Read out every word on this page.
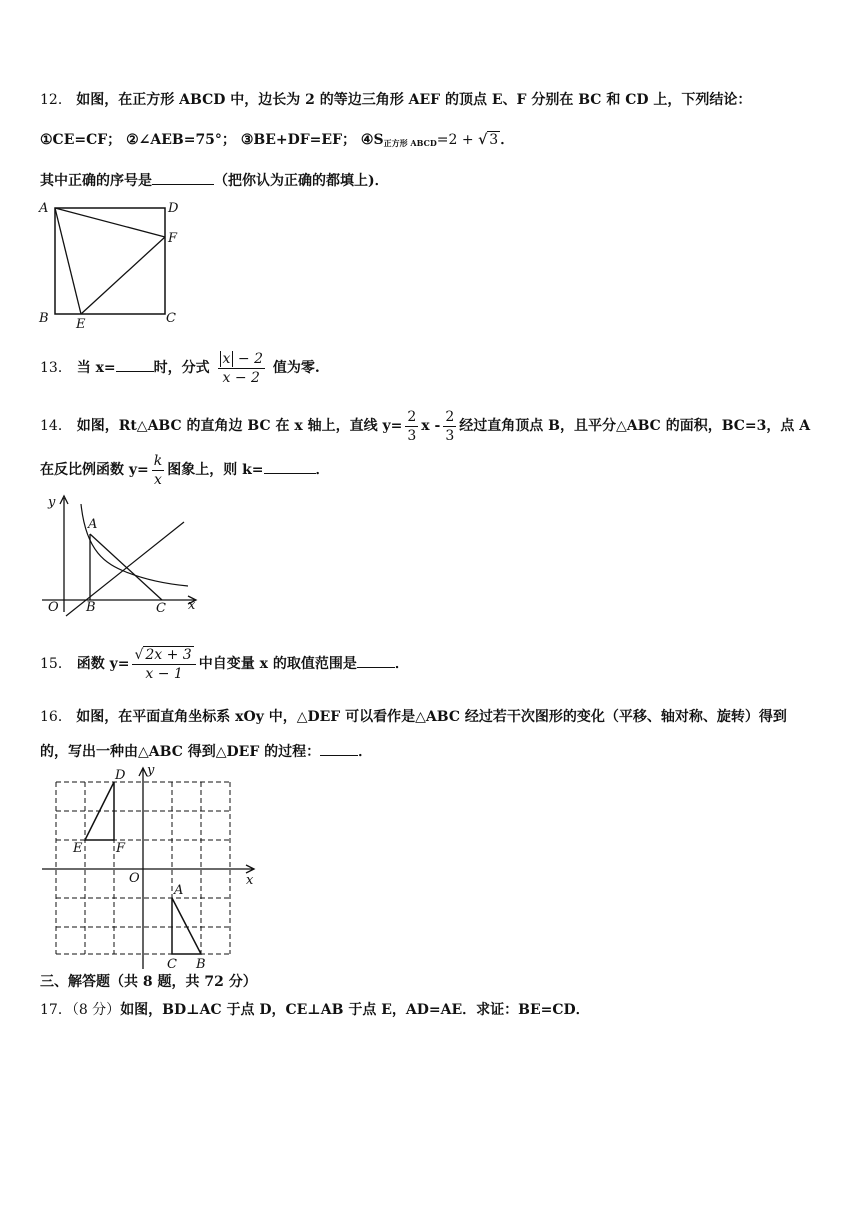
12． 如图，在正方形 ABCD 中，边长为 2 的等边三角形 AEF 的顶点 E、F 分别在 BC 和 CD 上，下列结论：
①CE=CF； ②∠AEB=75°； ③BE+DF=EF； $④S_{正方形 ABCD}=2$ + √ 3 ．
其中正确的序号是	（把你认为正确的都填上)．
A	D
F
B E	C
13． 当 x=	时，分式 $\frac{x - 2}{x - 2}$ 值为零.
14． 如图，Rt△ABC 的直角边 BC 在 x 轴上，直线 $y= \frac{2}{3}$ x - $\frac{2}{3}$ 经过直角顶点 B，且平分△ABC 的面积，BC=3，点 A
在反比例函数 $y= \frac{k}{x}$ 图象上，则 k=	．
y
A
O B	C x
15． 函数 $y= \frac{√ 2x + 3}{x - 1}$ 中自变量 x 的取值范围是	．
16． 如图，在平面直角坐标系 xOy 中，△DEF 可以看作是△ABC 经过若干次图形的变化（平移、轴对称、旋转）得到
的，写出一种由△ABC 得到△DEF 的过程：	．
D y
E	F
O	x
A
C B
三、解答题（共 8 题，共 72 分）
17．（8 分）如图，BD⊥AC 于点 D，CE⊥AB 于点 E，AD=AE．求证：BE=CD．
